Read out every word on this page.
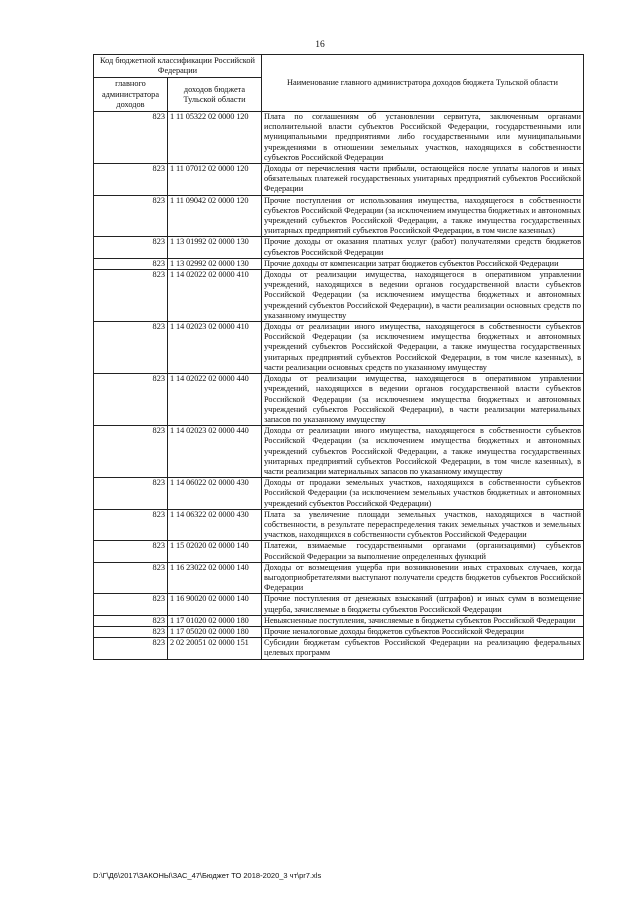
16
Код бюджетной классификации Российской Федерации		Наименование главного администратора доходов бюджета Тульской области
главного администратора доходов	доходов бюджета Тульской области	
823	1 11 05322 02 0000 120	Плата по соглашениям об установлении сервитута, заключенным органами исполнительной власти субъектов Российской Федерации, государственными или муниципальными предприятиями либо государственными или муниципальными учреждениями в отношении земельных участков, находящихся в собственности субъектов Российской Федерации
823	1 11 07012 02 0000 120	Доходы от перечисления части прибыли, остающейся после уплаты налогов и иных обязательных платежей государственных унитарных предприятий субъектов Российской Федерации
823	1 11 09042 02 0000 120	Прочие поступления от использования имущества, находящегося в собственности субъектов Российской Федерации (за исключением имущества бюджетных и автономных учреждений субъектов Российской Федерации, а также имущества государственных унитарных предприятий субъектов Российской Федерации, в том числе казенных)
823	1 13 01992 02 0000 130	Прочие доходы от оказания платных услуг (работ) получателями средств бюджетов субъектов Российской Федерации
823	1 13 02992 02 0000 130	Прочие доходы от компенсации затрат бюджетов субъектов Российской Федерации
823	1 14 02022 02 0000 410	Доходы от реализации имущества, находящегося в оперативном управлении учреждений, находящихся в ведении органов государственной власти субъектов Российской Федерации (за исключением имущества бюджетных и автономных учреждений субъектов Российской Федерации), в части реализации основных средств по указанному имуществу
823	1 14 02023 02 0000 410	Доходы от реализации иного имущества, находящегося в собственности субъектов Российской Федерации (за исключением имущества бюджетных и автономных учреждений субъектов Российской Федерации, а также имущества государственных унитарных предприятий субъектов Российской Федерации, в том числе казенных), в части реализации основных средств по указанному имуществу
823	1 14 02022 02 0000 440	Доходы от реализации имущества, находящегося в оперативном управлении учреждений, находящихся в ведении органов государственной власти субъектов Российской Федерации (за исключением имущества бюджетных и автономных учреждений субъектов Российской Федерации), в части реализации материальных запасов по указанному имуществу
823	1 14 02023 02 0000 440	Доходы от реализации иного имущества, находящегося в собственности субъектов Российской Федерации (за исключением имущества бюджетных и автономных учреждений субъектов Российской Федерации, а также имущества государственных унитарных предприятий субъектов Российской Федерации, в том числе казенных), в части реализации материальных запасов по указанному имуществу
823	1 14 06022 02 0000 430	Доходы от продажи земельных участков, находящихся в собственности субъектов Российской Федерации (за исключением земельных участков бюджетных и автономных учреждений субъектов Российской Федерации)
823	1 14 06322 02 0000 430	Плата за увеличение площади земельных участков, находящихся в частной собственности, в результате перераспределения таких земельных участков и земельных участков, находящихся в собственности субъектов Российской Федерации
823	1 15 02020 02 0000 140	Платежи, взимаемые государственными органами (организациями) субъектов Российской Федерации за выполнение определенных функций
823	1 16 23022 02 0000 140	Доходы от возмещения ущерба при возникновении иных страховых случаев, когда выгодоприобретателями выступают получатели средств бюджетов субъектов Российской Федерации
823	1 16 90020 02 0000 140	Прочие поступления от денежных взысканий (штрафов) и иных сумм в возмещение ущерба, зачисляемые в бюджеты субъектов Российской Федерации
823	1 17 01020 02 0000 180	Невыясненные поступления, зачисляемые в бюджеты субъектов Российской Федерации
823	1 17 05020 02 0000 180	Прочие неналоговые доходы бюджетов субъектов Российской Федерации
823	2 02 20051 02 0000 151	Субсидии бюджетам субъектов Российской Федерации на реализацию федеральных целевых программ
D:\Г\Д6\2017\ЗАКОНЫ\ЗАС_47\Бюджет ТО 2018-2020_3 чт\pr7.xls
